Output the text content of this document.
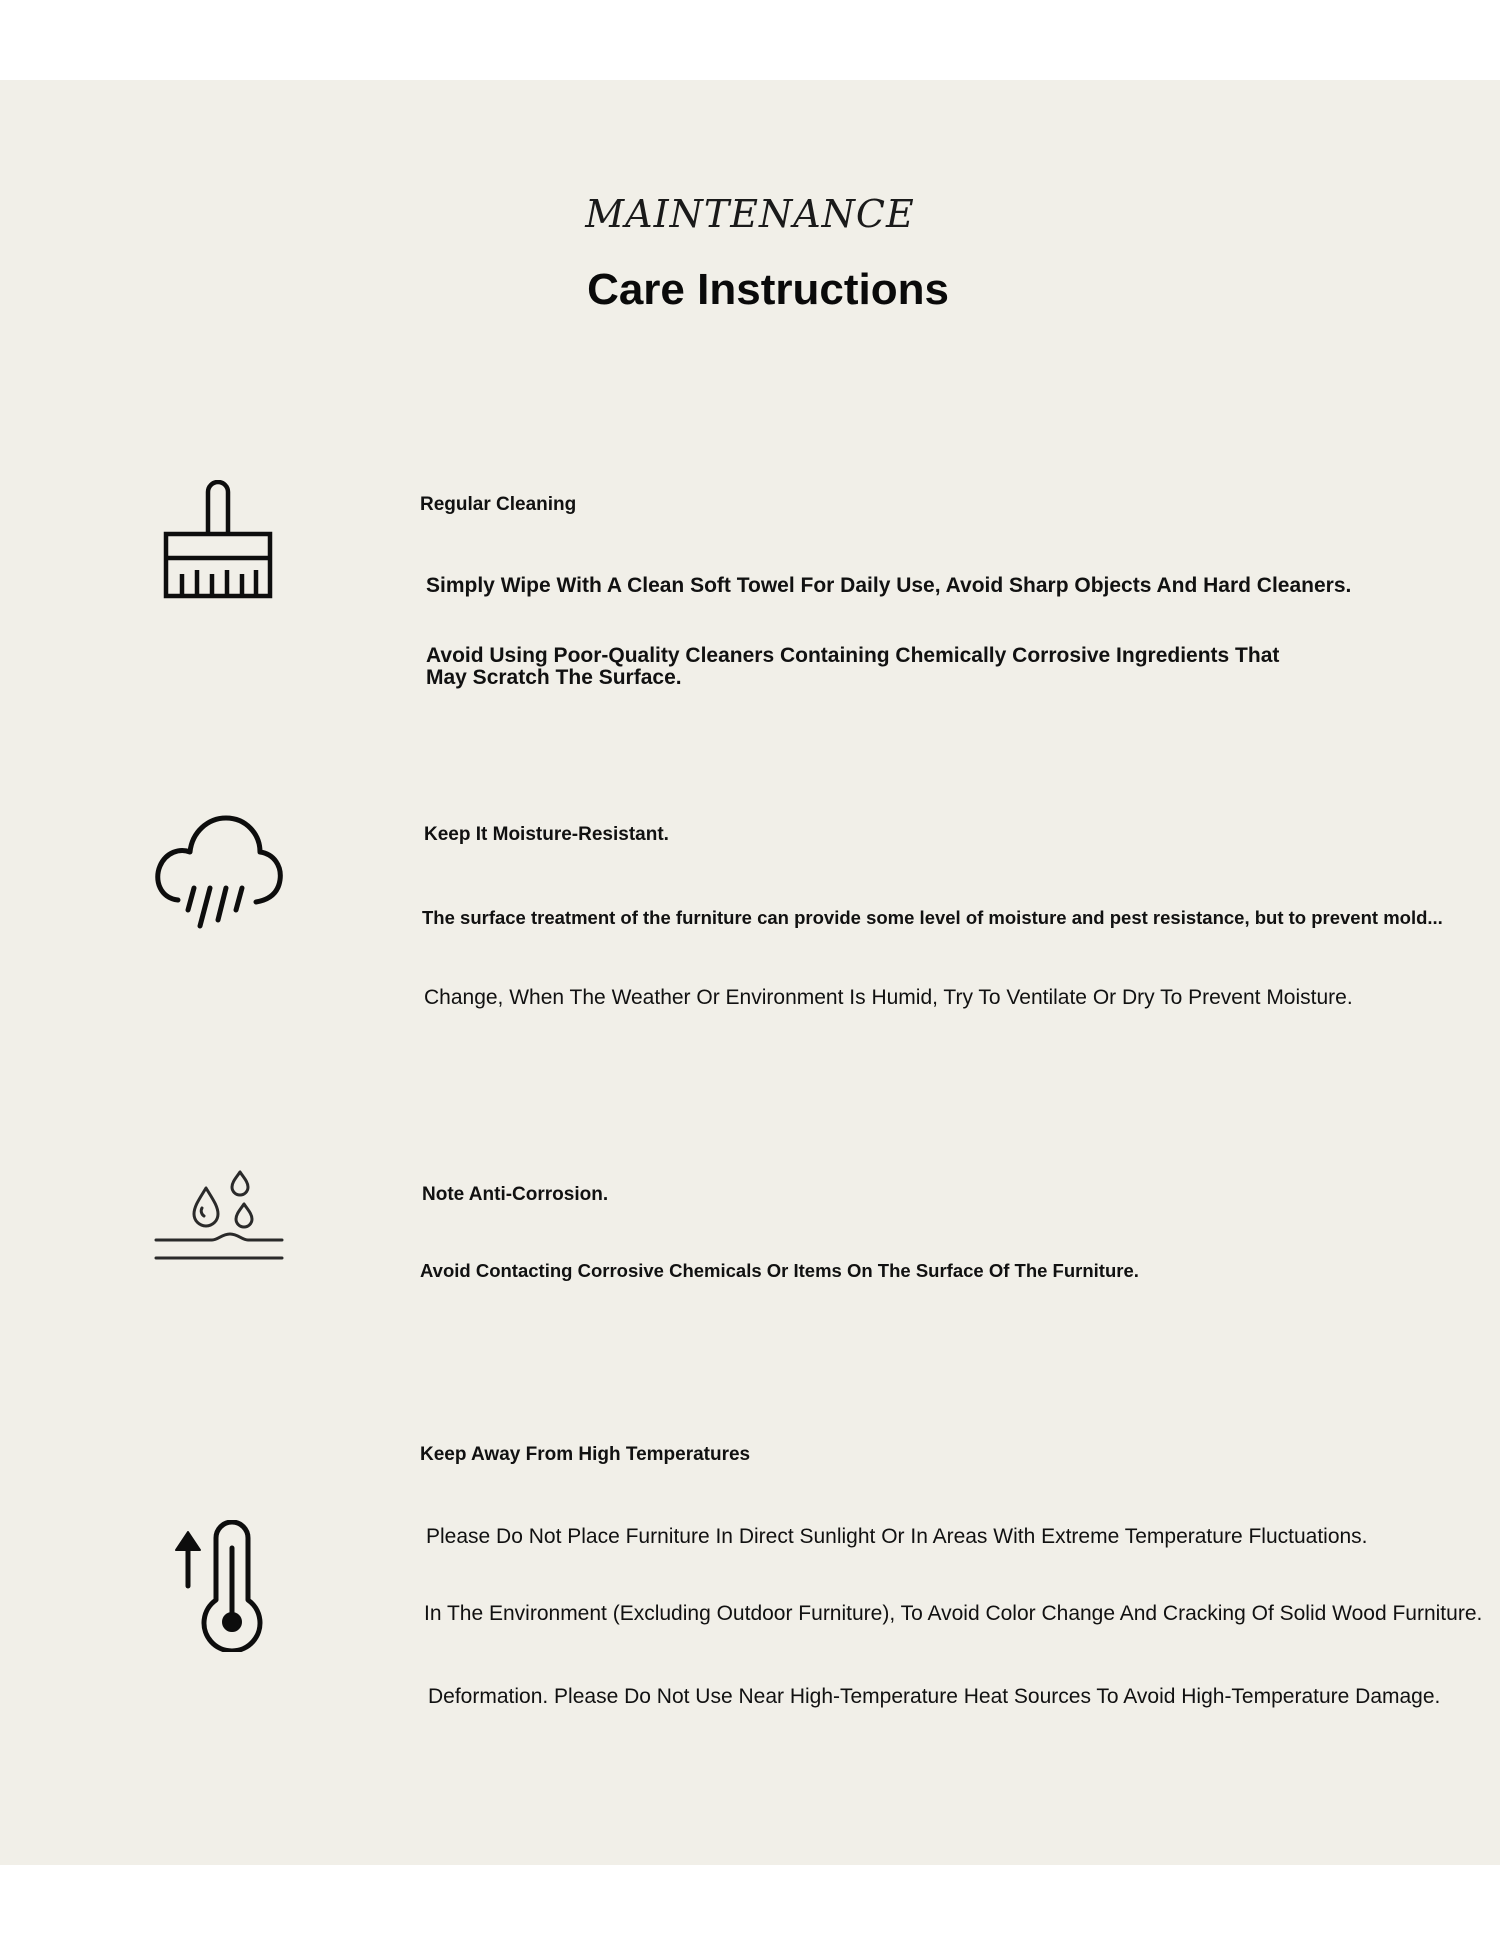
MAINTENANCE
Care Instructions
Regular Cleaning
Simply Wipe With A Clean Soft Towel For Daily Use, Avoid Sharp Objects And Hard Cleaners.
Avoid Using Poor-Quality Cleaners Containing Chemically Corrosive Ingredients That May Scratch The Surface.
Keep It Moisture-Resistant.
The surface treatment of the furniture can provide some level of moisture and pest resistance, but to prevent mold...
Change, When The Weather Or Environment Is Humid, Try To Ventilate Or Dry To Prevent Moisture.
Note Anti-Corrosion.
Avoid Contacting Corrosive Chemicals Or Items On The Surface Of The Furniture.
Keep Away From High Temperatures
Please Do Not Place Furniture In Direct Sunlight Or In Areas With Extreme Temperature Fluctuations.
In The Environment (Excluding Outdoor Furniture), To Avoid Color Change And Cracking Of Solid Wood Furniture.
Deformation. Please Do Not Use Near High-Temperature Heat Sources To Avoid High-Temperature Damage.
